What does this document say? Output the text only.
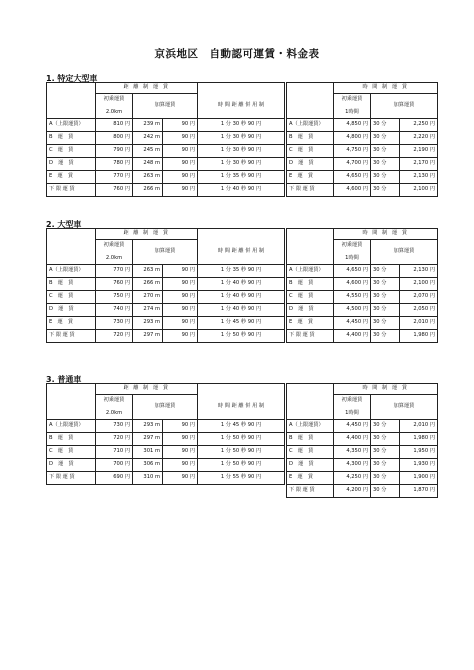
京浜地区　自動認可運賃・料金表
1. 特定大型車
	距 離 制 運 賃			

	初乗運賃
2.0km	加算運賃		時 間 距 離 併 用 制
A（上限運賃）	810 円	239 m	90 円	1 分 30 秒 90 円
B　運　賃	800 円	242 m	90 円	1 分 30 秒 90 円
C　運　賃	790 円	245 m	90 円	1 分 30 秒 90 円
D　運　賃	780 円	248 m	90 円	1 分 30 秒 90 円
E　運　賃	770 円	263 m	90 円	1 分 35 秒 90 円
下 限 運 賃	760 円	266 m	90 円	1 分 40 秒 90 円
	時 間 制 運 賃		

	初乗運賃
1時間	加算運賃	
A（上限運賃）	4,850 円	30 分	2,250 円
B　運　賃	4,800 円	30 分	2,220 円
C　運　賃	4,750 円	30 分	2,190 円
D　運　賃	4,700 円	30 分	2,170 円
E　運　賃	4,650 円	30 分	2,130 円
下 限 運 賃	4,600 円	30 分	2,100 円
2. 大型車
	距 離 制 運 賃			

	初乗運賃
2.0km	加算運賃		時 間 距 離 併 用 制
A（上限運賃）	770 円	263 m	90 円	1 分 35 秒 90 円
B　運　賃	760 円	266 m	90 円	1 分 40 秒 90 円
C　運　賃	750 円	270 m	90 円	1 分 40 秒 90 円
D　運　賃	740 円	274 m	90 円	1 分 40 秒 90 円
E　運　賃	730 円	293 m	90 円	1 分 45 秒 90 円
下 限 運 賃	720 円	297 m	90 円	1 分 50 秒 90 円
	時 間 制 運 賃		

	初乗運賃
1時間	加算運賃	
A（上限運賃）	4,650 円	30 分	2,130 円
B　運　賃	4,600 円	30 分	2,100 円
C　運　賃	4,550 円	30 分	2,070 円
D　運　賃	4,500 円	30 分	2,050 円
E　運　賃	4,450 円	30 分	2,010 円
下 限 運 賃	4,400 円	30 分	1,980 円
3. 普通車
	距 離 制 運 賃			

	初乗運賃
2.0km	加算運賃		時 間 距 離 併 用 制
A（上限運賃）	730 円	293 m	90 円	1 分 45 秒 90 円
B　運　賃	720 円	297 m	90 円	1 分 50 秒 90 円
C　運　賃	710 円	301 m	90 円	1 分 50 秒 90 円
D　運　賃	700 円	306 m	90 円	1 分 50 秒 90 円
下 限 運 賃	690 円	310 m	90 円	1 分 55 秒 90 円
	時 間 制 運 賃		

	初乗運賃
1時間	加算運賃	
A（上限運賃）	4,450 円	30 分	2,010 円
B　運　賃	4,400 円	30 分	1,980 円
C　運　賃	4,350 円	30 分	1,950 円
D　運　賃	4,300 円	30 分	1,930 円
E　運　賃	4,250 円	30 分	1,900 円
下 限 運 賃	4,200 円	30 分	1,870 円
